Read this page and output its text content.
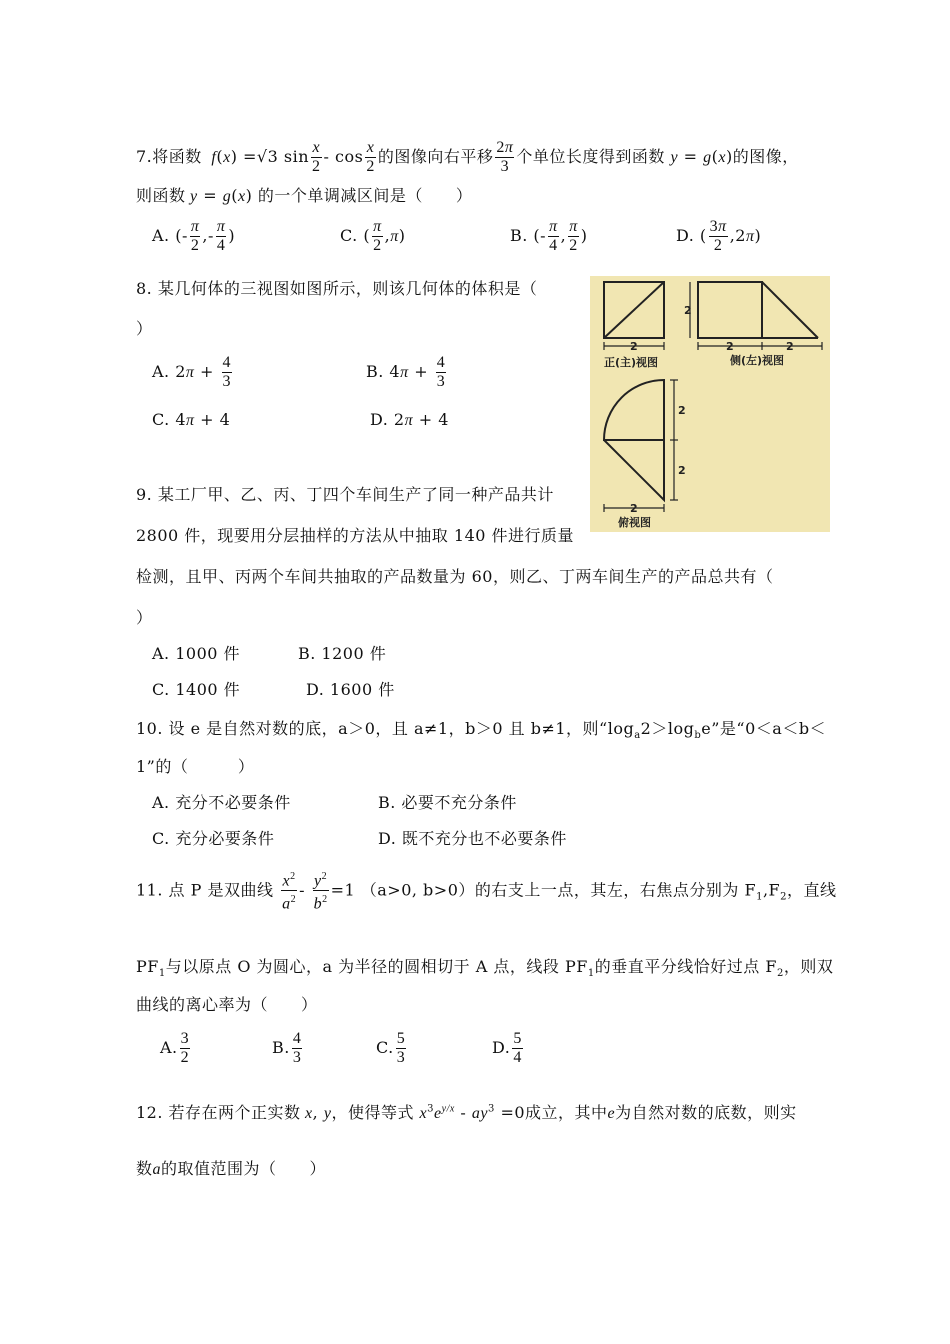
7.将函数 f(x) =√3 $\sin \frac{x}{2}$ - $\cos \frac{x}{2}$ 的图像向右平移 $\frac{2\pi}{3}$ 个单位长度得到函数 y = g(x)的图像，
则函数 y = g(x) 的一个单调减区间是（　　）
A. (- $\frac{\pi}{2}$ ,- $\frac{\pi}{4}$ )	C. ( $\frac{\pi}{2} ,\pi$)	B. (- $\frac{\pi}{4}$ , $\frac{\pi}{2}$ )	D. ( $\frac{3\pi}{2} ,2\pi$)
8. 某几何体的三视图如图所示，则该几何体的体积是（
）
A. $2\pi + \frac{4}{3}$	B. $4\pi + \frac{4}{3}$
C. 4π + 4	D. 2π + 4
2	2	2
2
2
2
2
正(主)视图	侧(左)视图
俯视图
9. 某工厂甲、乙、丙、丁四个车间生产了同一种产品共计
2800 件，现要用分层抽样的方法从中抽取 140 件进行质量
检测，且甲、丙两个车间共抽取的产品数量为 60，则乙、丁两车间生产的产品总共有（
）
A. 1000 件	B. 1200 件
C. 1400 件	D. 1600 件
10. 设 e 是自然对数的底，a＞0，且 a≠1，b＞0 且 b≠1，则“$\log_a2>\log_be$”是“0＜a＜b＜
1”的（　　　）
A. 充分不必要条件	B. 必要不充分条件
C. 充分必要条件	D. 既不充分也不必要条件
11. 点 P 是双曲线 $\frac{x^2}{a^2} - \frac{y^2}{b^2} =1$ （a>0, b>0）的右支上一点，其左，右焦点分别为 $F_1,F_2$，直线
$PF_1$与以原点 O 为圆心，a 为半径的圆相切于 A 点，线段 $PF_1$的垂直平分线恰好过点 $F_2$，则双
曲线的离心率为（　　）
A. $\frac{3}{2}$	B. $\frac{4}{3}$	C. $\frac{5}{3}$	D. $\frac{5}{4}$
12. 若存在两个正实数 x, y，使得等式 $x^3e^{y/x} - ay^3 =0$成立，其中e为自然对数的底数，则实
数a的取值范围为（　　）
